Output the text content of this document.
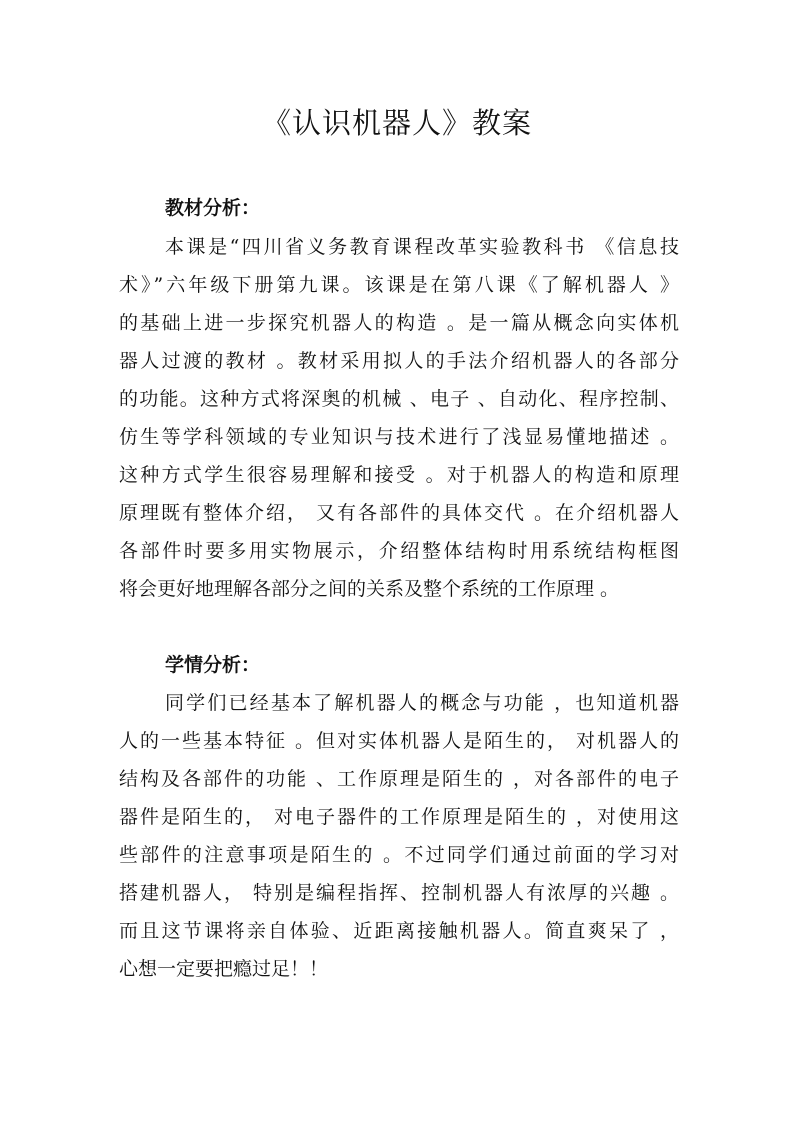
《认识机器人》教案
教材分析：
本课是“四川省义务教育课程改革实验教科书 《信息技
术》”六年级下册第九课。该课是在第八课《了解机器人 》
的基础上进一步探究机器人的构造 。是一篇从概念向实体机
器人过渡的教材 。教材采用拟人的手法介绍机器人的各部分
的功能。这种方式将深奥的机械 、电子 、自动化、程序控制、
仿生等学科领域的专业知识与技术进行了浅显易懂地描述 。
这种方式学生很容易理解和接受 。对于机器人的构造和原理
原理既有整体介绍， 又有各部件的具体交代 。在介绍机器人
各部件时要多用实物展示，介绍整体结构时用系统结构框图
将会更好地理解各部分之间的关系及整个系统的工作原理 。
学情分析：
同学们已经基本了解机器人的概念与功能 ，也知道机器
人的一些基本特征 。但对实体机器人是陌生的， 对机器人的
结构及各部件的功能 、工作原理是陌生的 ，对各部件的电子
器件是陌生的， 对电子器件的工作原理是陌生的 ，对使用这
些部件的注意事项是陌生的 。不过同学们通过前面的学习对
搭建机器人， 特别是编程指挥、控制机器人有浓厚的兴趣 。
而且这节课将亲自体验、近距离接触机器人。简直爽呆了 ，
心想一定要把瘾过足！！
